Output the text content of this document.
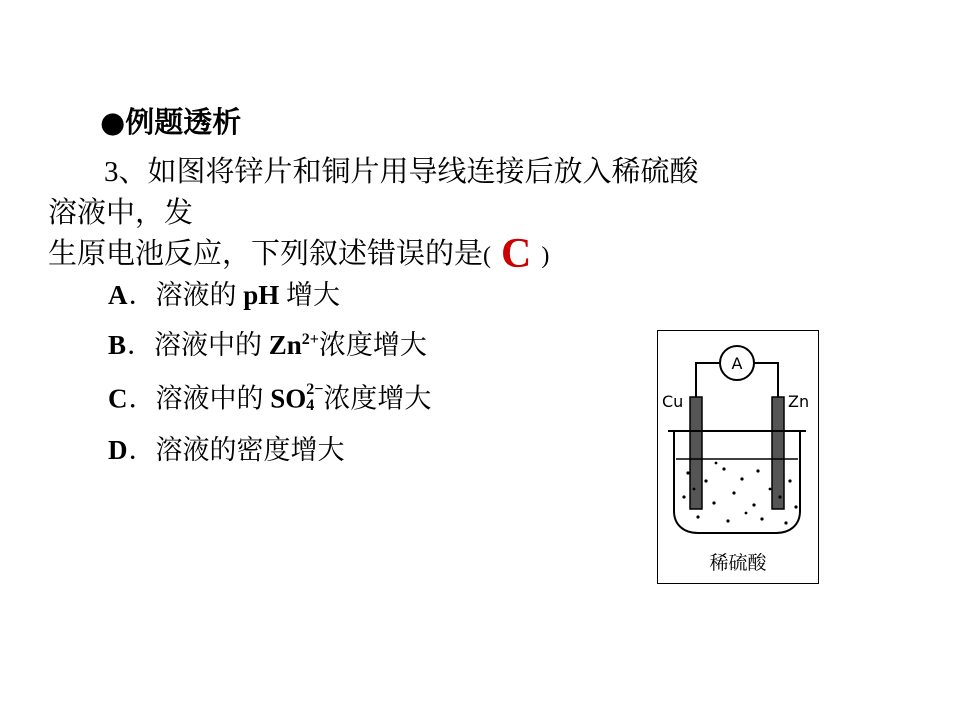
●例题透析
3、如图将锌片和铜片用导线连接后放入稀硫酸溶液中，发
生原电池反应，下列叙述错误的是( C )
A．溶液的 pH 增大
B．溶液中的 $Zn^{2+}$浓度增大
C．溶液中的 SO 2−
4 浓度增大
D．溶液的密度增大
Cu	Zn
A
稀硫酸
